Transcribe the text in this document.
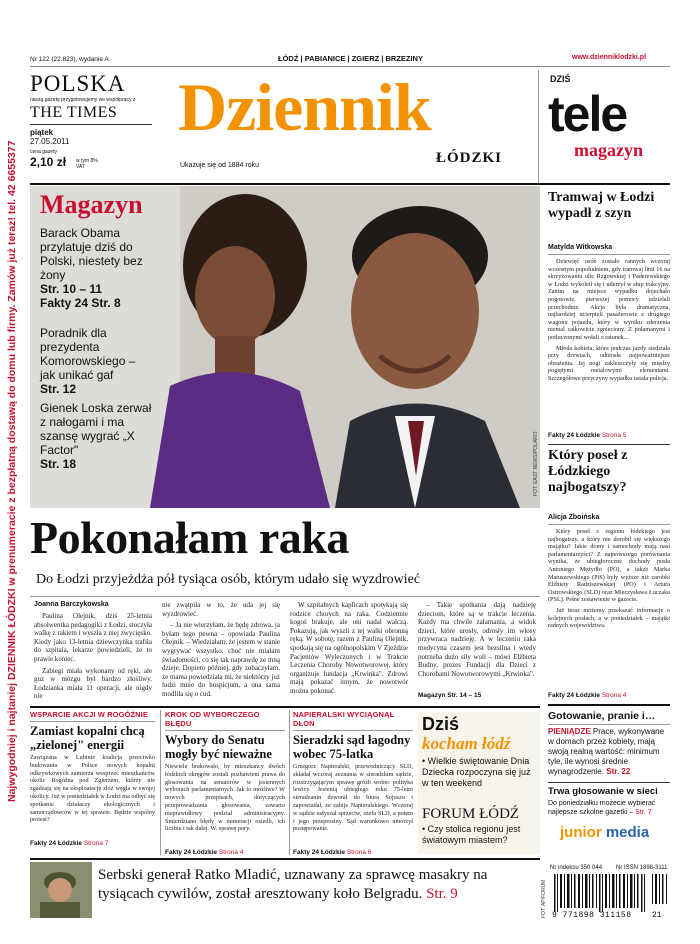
Najwygodniej i najtaniej DZIENNIK ŁÓDZKI w prenumeracie z bezpłatną dostawą do domu lub firmy. Zamów już teraz! tel. 42 6655377
Nr 122 (22.823), wydanie A	ŁÓDŹ | PABIANICE | ZGIERZ | BRZEZINY	www.dzienniklodzki.pl
POLSKA
naszą gazetę przygotowujemy we współpracy z
THE TIMES
piątek
27.05.2011
cena gazety
2,10 zł w tym 8% VAT
Dziennik
ŁÓDZKI
Ukazuje się od 1884 roku
DZIŚ
tele
magazyn
Magazyn
Barack Obama przylatuje dziś do Polski, niestety bez żony
Str. 10 – 11
Fakty 24 Str. 8
Poradnik dla prezydenta Komorowskiego – jak unikać gaf
Str. 12
Gienek Loska zerwał z nałogami i ma szansę wygrać „X Factor"
Str. 18	FOT. EAST NEWS/POLARIS
Tramwaj w Łodzi wypadł z szyn
Matylda Witkowska

Dziewięć osób zostało rannych wczoraj wczesnym popołudniem, gdy tramwaj linii 16 na skrzyżowaniu ulic Rzgowskiej i Paderewskiego w Łodzi wykoleił się i uderzył w słup trakcyjny. Zanim na miejsce wypadku dojechało pogotowie, pierwszej pomocy udzielali przechodnie. Akcja była dramatyczna, najbardziej ucierpieli pasażerowie z drugiego wagonu pojazdu, który w wyniku zderzenia niemal całkowicie zgnieciony. Z połamanymi i potłuczonymi wołali o ratunek...

Młoda kobieta, która podczas jazdy siedziała przy drzwiach, odniosła najpoważniejsze obrażenia. Jej nogi zakleszczyły się między pogiętymi metalowymi elementami. Szczegółowe przyczyny wypadku ustala policja.

Fakty 24 Łódzkie Strona 5
Który poseł z Łódzkiego najbogatszy?
Alicja Zboińska

Który poseł z regionu łódzkiego jest najbogatszy, a który nie dorobił się większego majątku? Jakie domy i samochody mają nasi parlamentarzyści? Z najnowszego porównania wynika, że ubiegłoroczne dochody posła Antoniego Mężydło (PO), a także Marka Matuszewskiego (PiS) były wyższe niż zarobki Elżbiety Radziszewskiej (PO) i Artura Ostrowskiego (SLD) oraz Mieczysława Łuczaka (PSL). Pełne zestawienie w gazecie.

Już teraz możemy przekazać informacje o kolejnych posłach, a w poniedziałek – majątki radnych województwa.

Fakty 24 Łódzkie Strona 4
Pokonałam raka
Do Łodzi przyjeżdża pół tysiąca osób, którym udało się wyzdrowieć
Joanna Barczykowska

Paulina Olejnik, dziś 25-letnia absolwentka pedagogiki z Łodzi, stoczyła walkę z rakiem i wyszła z niej zwycięsko. Kiedy jako 13-letnia dziewczynka trafiła do szpitala, lekarze powiedzieli, że to prawie koniec.

Zabiegi miała wykonany od ręki, ale guz w mózgu był bardzo złośliwy. Łodzianka miała 11 operacji, ale nigdy nie

nie zwątpiła w to, że uda jej się wyzdrowieć.

– Ja nie wierzyłam, że będę zdrowa, ja byłam tego pewna – opowiada Paulina Olejnik. – Wiedziałam, że jestem w stanie wygrywać wszystko, choć nie miałam świadomości, co się tak naprawdę ze mną dzieje. Dopiero później, gdy zobaczyłam, że mama powiedziała mi, że niektórzy już ludzi mnie do hospicjum, a ona sama modliła się o cud.

W szpitalnych kaplicach spotykają się rodzice chorych na raka. Codziennie kogoś brakuje, ale oni nadal walczą. Pokazują, jak wyszli z tej walki obronną ręką. W sobotę, razem z Pauliną Olejnik, spotkają się na ogólnopolskim V Zjeździe Pacjentów Wyleczonych i w Trakcie Leczenia Choroby Nowotworowej, który organizuje fundacja „Krwinka". Zdrowi mają pokazać innym, że nowotwór można pokonać.

– Takie spotkania dają nadzieję dzieciom, które są w trakcie leczenia. Każdy ma chwile załamania, a widok dzieci, które urosły, odrosły im włosy przywraca nadzieję. A w leczeniu raka medycyna czasem jest bezsilna i wtedy potrzeba dużo siły woli – mówi Elżbieta Budny, prezes Fundacji dla Dzieci z Chorobami Nowotworowymi „Krwinka".

Magazyn Str. 14 – 15
WSPARCIE AKCJI W ROGÓŹNIE
Zamiast kopalni chcą „zielonej" energii
Zawiązana w Lubinie koalicja przeciwko budowaniu w Polsce nowych kopalni odkrywkowych zamierza wesprzeć mieszkańców okolic Rogóźna pod Zgierzem, którzy nie zgadzają się na eksploatację złóż węgla w swojej okolicy. Już w poniedziałek w Łodzi ma odbyć się spotkanie działaczy ekologicznych i samorządowców w tej sprawie. Będzie wspólny protest?
Fakty 24 Łódzkie Strona 7
KROK OD WYBORCZEGO BŁĘDU
Wybory do Senatu mogły być nieważne
Niewiele brakowało, by mieszkańcy dwóch łódzkich okręgów zostali pozbawieni prawa do głosowania na senatorów w jesiennych wyborach parlamentarnych. Jak to możliwe? W nowych przepisach, dotyczących przeprowadzania głosowania, zawarto nieprawidłowy podział administracyjny. Śmierdziano błędy w numeracji osiedli, ich liczbie i tak dalej. W. sprawę pory.
Fakty 24 Łódzkie Strona 4
NAPIERALSKI WYCIĄGNĄŁ DŁOŃ
Sieradzki sąd łagodny wobec 75-latka
Grzegorz Napieralski, przewodniczący SLD, składał wczoraj zeznania w sieradzkim sądzie, rozstrzygającym sprawę gróźb wobec polityka lewicy. Jesienią ubiegłego roku 75-letni sieradzanin dzwonił do biura Sojuszu i zapowiadał, że zabije Napieralskiego. Wczoraj w sądzie usłyszał sprzeciw, szefa SLD, a potem i jego przeprosiny. Sąd warunkowo umorzył postępowanie.
Fakty 24 Łódzkie Strona 6
Dziś
kocham łódź
• Wielkie świętowanie Dnia Dziecka rozpoczyna się już w ten weekend
FORUM ŁÓDŹ
• Czy stolica regionu jest światowym miastem?
Gotowanie, pranie i…
PIENIĄDZE Prace, wykonywane w domach przez kobiety, mają swoją realną wartość: minimum tyle, ile wynosi średnie wynagrodzenie. Str. 22
Trwa głosowanie w sieci
Do poniedziałku możecie wybierać najlepsze szkolne gazetki – Str. 7
junior media
Serbski generał Ratko Mladić, uznawany za sprawcę masakry na tysiącach cywilów, został aresztowany koło Belgradu. Str. 9	FOT. AP/FORUM
Nr indeksu 350 044 Nr ISSN 1898-3111
9 771898 311158	21
